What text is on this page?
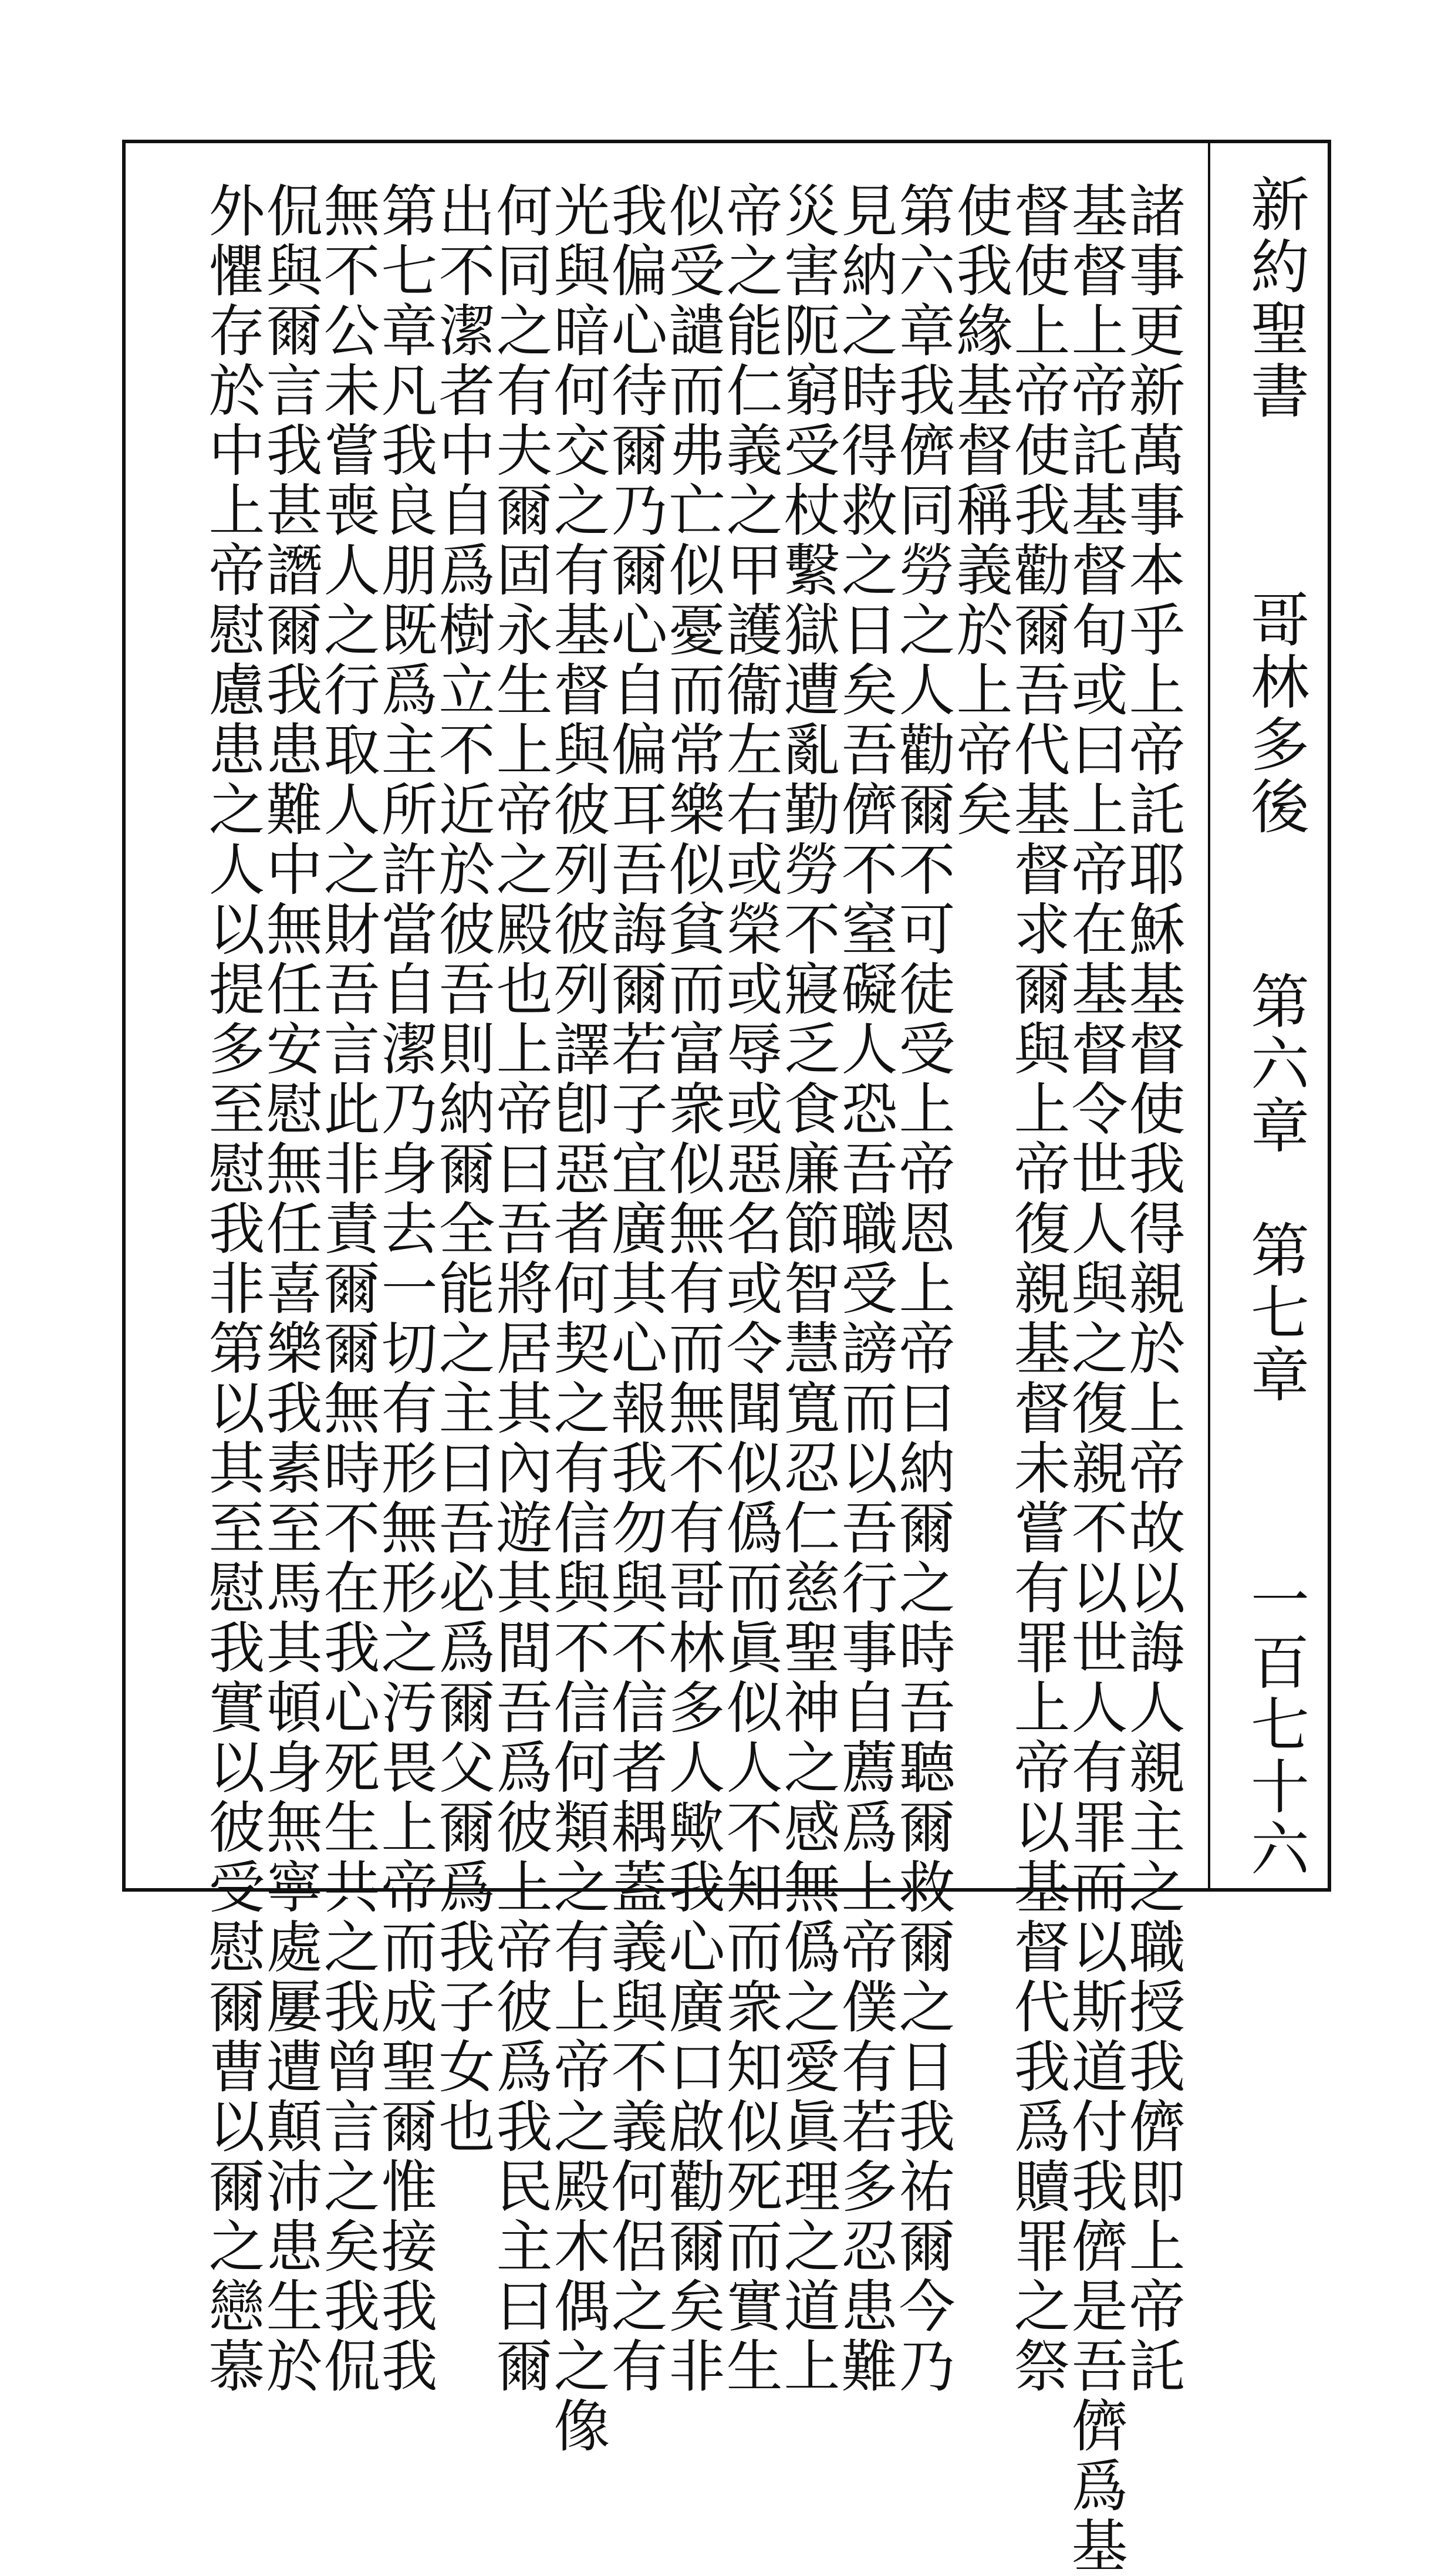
新約聖書
哥林多後
第六章　第七章
一百七十六
諸事更新萬事本乎上帝託耶穌基督使我得親於上帝故以誨人親主之職授我儕即上帝託
基督上帝託基督旬或曰上帝在基督令世人與之復親不以世人有罪而以斯道付我儕是吾儕爲基
督使上帝使我勸爾吾代基督求爾與上帝復親基督未嘗有罪上帝以基督代我爲贖罪之祭
使我緣基督稱義於上帝矣
第六章我儕同勞之人勸爾不可徒受上帝恩上帝曰納爾之時吾聽爾救爾之日我祐爾今乃
見納之時得救之日矣吾儕不窒礙人恐吾職受謗而以吾行事自薦爲上帝僕有若多忍患難
災害阨窮受杖繫獄遭亂勤勞不寢乏食廉節智慧寬忍仁慈聖神之感無僞之愛眞理之道上
帝之能仁義之甲護衞左右或榮或辱或惡名或令聞似僞而眞似人不知而衆知似死而實生
似受譴而弗亡似憂而常樂似貧而富衆似無有而無不有哥林多人歟我心廣口啟勸爾矣非
我偏心待爾乃爾心自偏耳吾誨爾若子宜廣其心報我勿與不信者耦蓋義與不義何侶之有
光與暗何交之有基督與彼列彼列譯卽惡者何契之有信與不信何類之有上帝之殿木偶之像
何同之有夫爾固永生上帝之殿也上帝曰吾將居其內遊其間吾爲彼上帝彼爲我民主曰爾
出不潔者中自爲樹立不近於彼吾則納爾全能之主曰吾必爲爾父爾爲我子女也
第七章凡我良朋既爲主所許當自潔乃身去一切有形無形之汚畏上帝而成聖爾惟接我我
無不公未嘗喪人之行取人之財吾言此非責爾爾無時不在我心死生共之我曾言之矣我侃
侃與爾言我甚譖爾我患難中無任安慰無任喜樂我素至馬其頓身無寧處屢遭顛沛患生於
外懼存於中上帝慰慮患之人以提多至慰我非第以其至慰我實以彼受慰爾曹以爾之戀慕
